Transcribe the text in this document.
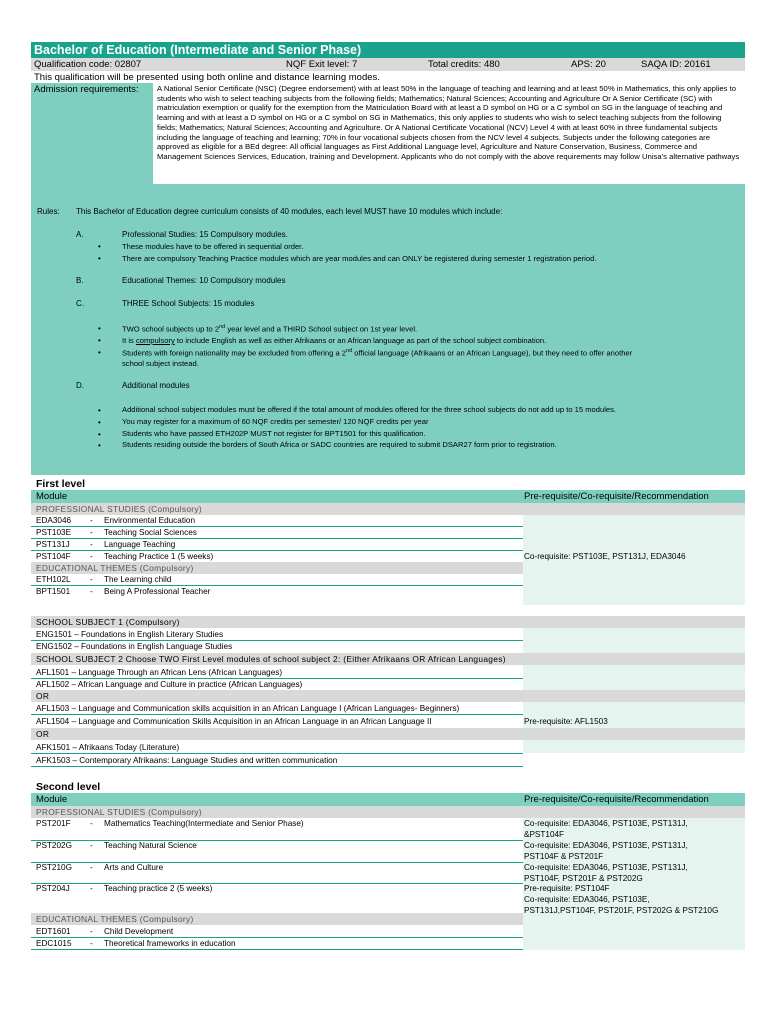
Bachelor of Education (Intermediate and Senior Phase)
Qualification code: 02807	NQF Exit level: 7	Total credits: 480	APS: 20	SAQA ID: 20161
This qualification will be presented using both online and distance learning modes.
Admission requirements:	A National Senior Certificate (NSC) (Degree endorsement) with at least 50% in the language of teaching and learning and at least 50% in Mathematics, this only applies to students who wish to select teaching subjects from the following fields; Mathematics; Natural Sciences; Accounting and Agriculture Or A Senior Certificate (SC) with matriculation exemption or qualify for the exemption from the Matriculation Board with at least a D symbol on HG or a C symbol on SG in the language of teaching and learning and with at least a D symbol on HG or a C symbol on SG in Mathematics, this only applies to students who wish to select teaching subjects from the following fields; Mathematics; Natural Sciences; Accounting and Agriculture. Or A National Certificate Vocational (NCV) Level 4 with at least 60% in three fundamental subjects including the language of teaching and learning; 70% in four vocational subjects chosen from the NCV level 4 subjects. Subjects under the following categories are approved as eligible for a BEd degree: All official languages as First Additional Language level, Agriculture and Nature Conservation, Business, Commerce and Management Sciences Services, Education, training and Development. Applicants who do not comply with the above requirements may follow Unisa's alternative pathways
Rules: This Bachelor of Education degree curriculum consists of 40 modules, each level MUST have 10 modules which include:
A.	Professional Studies: 15 Compulsory modules.
•	These modules have to be offered in sequential order.
•	There are compulsory Teaching Practice modules which are year modules and can ONLY be registered during semester 1 registration period.
B.	Educational Themes: 10 Compulsory modules
C.	THREE School Subjects: 15 modules
•	TWO school subjects up to 2nd year level and a THIRD School subject on 1st year level.
•	It is compulsory to include English as well as either Afrikaans or an African language as part of the school subject combination.
•	Students with foreign nationality may be excluded from offering a 2nd official language (Afrikaans or an African Language), but they need to offer another
school subject instead.
D.	Additional modules
•	Additional school subject modules must be offered if the total amount of modules offered for the three school subjects do not add up to 15 modules.
•	You may register for a maximum of 60 NQF credits per semester/ 120 NQF credits per year
•	Students who have passed ETH202P MUST not register for BPT1501 for this qualification.
•	Students residing outside the borders of South Africa or SADC countries are required to submit DSAR27 form prior to registration.
First level
Module	Pre-requisite/Co-requisite/Recommendation
PROFESSIONAL STUDIES (Compulsory)
EDA3046 - Environmental Education
PST103E - Teaching Social Sciences
PST131J - Language Teaching
PST104F - Teaching Practice 1 (5 weeks)	Co-requisite: PST103E, PST131J, EDA3046
EDUCATIONAL THEMES (Compulsory)
ETH102L - The Learning child
BPT1501 - Being A Professional Teacher
SCHOOL SUBJECT 1 (Compulsory)
ENG1501 – Foundations in English Literary Studies
ENG1502 – Foundations in English Language Studies
SCHOOL SUBJECT 2 Choose TWO First Level modules of school subject 2: (Either Afrikaans OR African Languages)
AFL1501 – Language Through an African Lens (African Languages)
AFL1502 – African Language and Culture in practice (African Languages)
OR
AFL1503 – Language and Communication skills acquisition in an African Language I (African Languages- Beginners)
AFL1504 – Language and Communication Skills Acquisition in an African Language in an African Language II	Pre-requisite: AFL1503
OR
AFK1501 – Afrikaans Today (Literature)
AFK1503 – Contemporary Afrikaans: Language Studies and written communication
Second level
Module	Pre-requisite/Co-requisite/Recommendation
PROFESSIONAL STUDIES (Compulsory)
PST201F - Mathematics Teaching(Intermediate and Senior Phase)	Co-requisite: EDA3046, PST103E, PST131J,
&PST104F
PST202G - Teaching Natural Science	Co-requisite: EDA3046, PST103E, PST131J,
PST104F & PST201F
PST210G - Arts and Culture	Co-requisite: EDA3046, PST103E, PST131J,
PST104F, PST201F & PST202G
PST204J - Teaching practice 2 (5 weeks)	Pre-requisite: PST104F
Co-requisite: EDA3046, PST103E,
PST131J,PST104F, PST201F, PST202G & PST210G
EDUCATIONAL THEMES (Compulsory)
EDT1601 - Child Development
EDC1015 - Theoretical frameworks in education
